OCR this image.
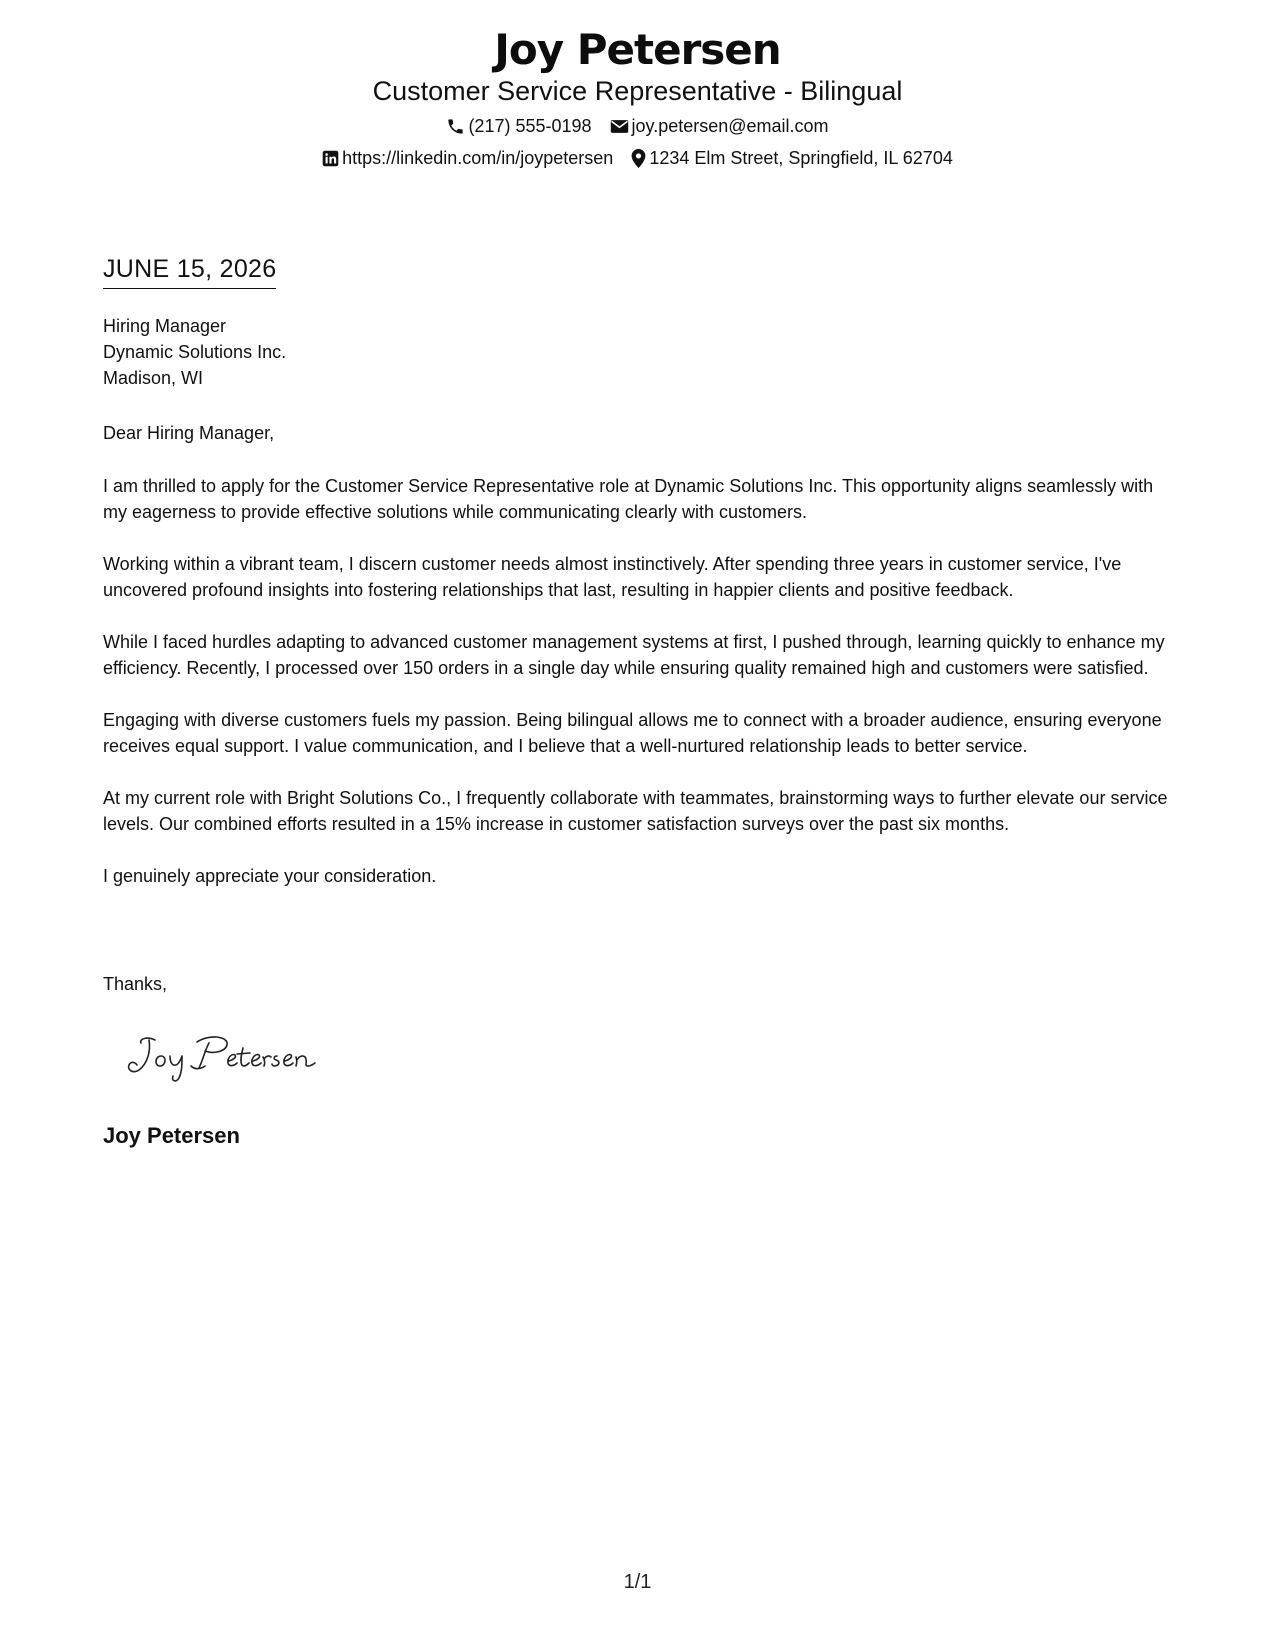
Joy Petersen
Customer Service Representative - Bilingual
(217) 555-0198 joy.petersen@email.com
https://linkedin.com/in/joypetersen 1234 Elm Street, Springfield, IL 62704
JUNE 15, 2026
Hiring Manager
Dynamic Solutions Inc.
Madison, WI
Dear Hiring Manager,

I am thrilled to apply for the Customer Service Representative role at Dynamic Solutions Inc. This opportunity aligns seamlessly with my eagerness to provide effective solutions while communicating clearly with customers.

Working within a vibrant team, I discern customer needs almost instinctively. After spending three years in customer service, I've uncovered profound insights into fostering relationships that last, resulting in happier clients and positive feedback.

While I faced hurdles adapting to advanced customer management systems at first, I pushed through, learning quickly to enhance my efficiency. Recently, I processed over 150 orders in a single day while ensuring quality remained high and customers were satisfied.

Engaging with diverse customers fuels my passion. Being bilingual allows me to connect with a broader audience, ensuring everyone receives equal support. I value communication, and I believe that a well-nurtured relationship leads to better service.

At my current role with Bright Solutions Co., I frequently collaborate with teammates, brainstorming ways to further elevate our service levels. Our combined efforts resulted in a 15% increase in customer satisfaction surveys over the past six months.

I genuinely appreciate your consideration.

Thanks,
Joy Petersen
1/1
